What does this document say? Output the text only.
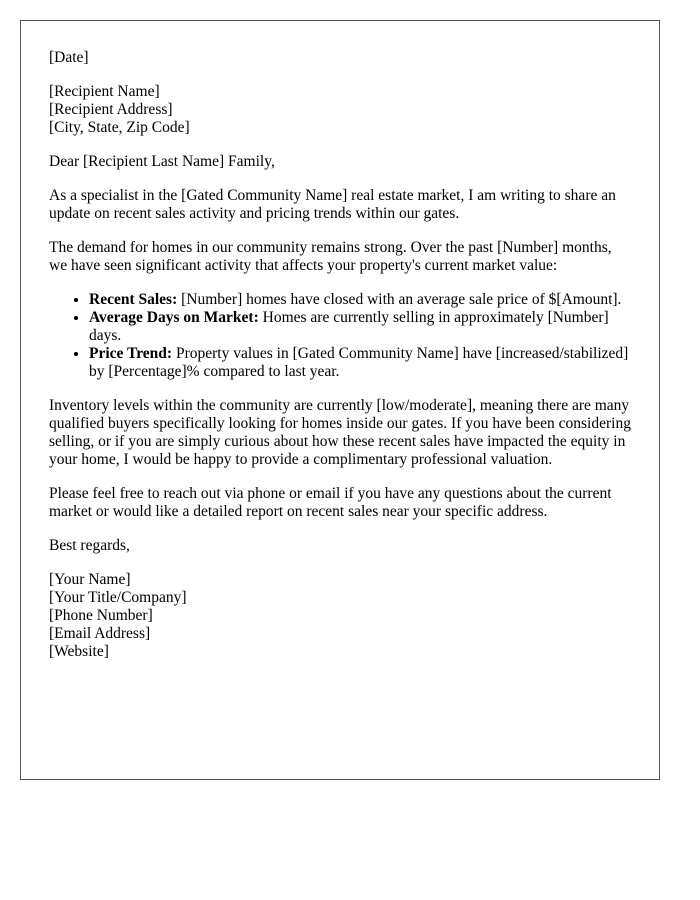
[Date]
[Recipient Name]
[Recipient Address]
[City, State, Zip Code]

Dear [Recipient Last Name] Family,

As a specialist in the [Gated Community Name] real estate market, I am writing to share an update on recent sales activity and pricing trends within our gates.

The demand for homes in our community remains strong. Over the past [Number] months, we have seen significant activity that affects your property's current market value:

• Recent Sales: [Number] homes have closed with an average sale price of $[Amount].
• Average Days on Market: Homes are currently selling in approximately [Number] days.
• Price Trend: Property values in [Gated Community Name] have [increased/stabilized] by [Percentage]% compared to last year.

Inventory levels within the community are currently [low/moderate], meaning there are many qualified buyers specifically looking for homes inside our gates. If you have been considering selling, or if you are simply curious about how these recent sales have impacted the equity in your home, I would be happy to provide a complimentary professional valuation.

Please feel free to reach out via phone or email if you have any questions about the current market or would like a detailed report on recent sales near your specific address.

Best regards,

[Your Name]
[Your Title/Company]
[Phone Number]
[Email Address]
[Website]
